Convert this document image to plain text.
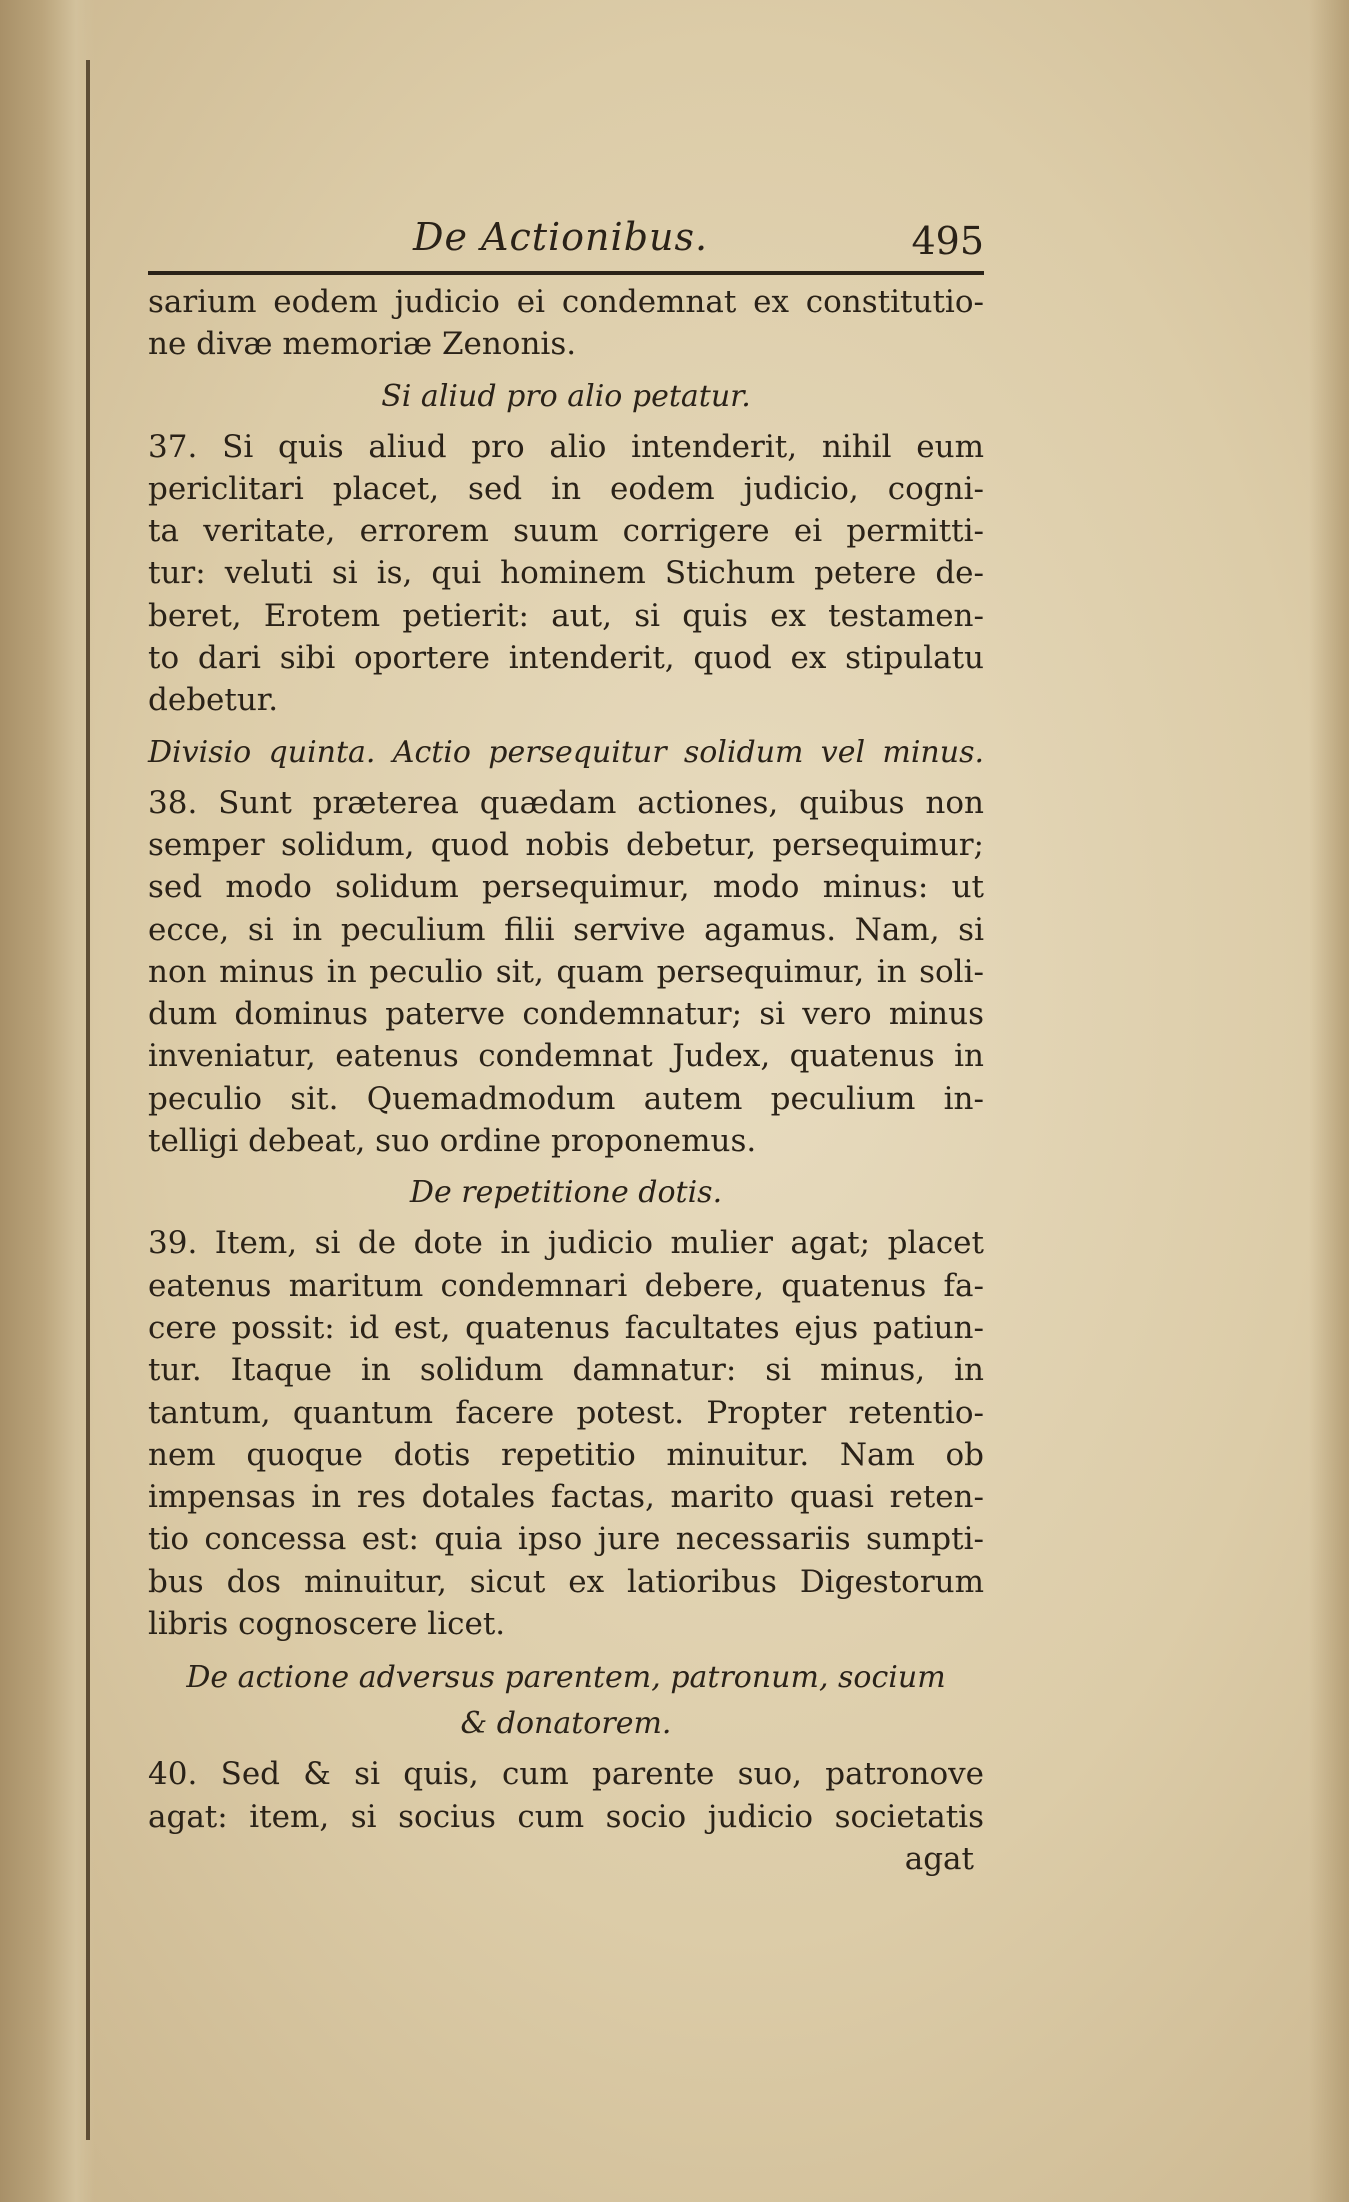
De Actionibus.	495
sarium eodem judicio ei condemnat ex constitutio-
ne divæ memoriæ Zenonis.
Si aliud pro alio petatur.
37. Si quis aliud pro alio intenderit, nihil eum
periclitari placet, sed in eodem judicio, cogni-
ta veritate, errorem suum corrigere ei permitti-
tur: veluti si is, qui hominem Stichum petere de-
beret, Erotem petierit: aut, si quis ex testamen-
to dari sibi oportere intenderit, quod ex stipulatu
debetur.
Divisio quinta. Actio persequitur solidum vel minus.
38. Sunt præterea quædam actiones, quibus non
semper solidum, quod nobis debetur, persequimur;
sed modo solidum persequimur, modo minus: ut
ecce, si in peculium filii servive agamus. Nam, si
non minus in peculio sit, quam persequimur, in soli-
dum dominus paterve condemnatur; si vero minus
inveniatur, eatenus condemnat Judex, quatenus in
peculio sit. Quemadmodum autem peculium in-
telligi debeat, suo ordine proponemus.
De repetitione dotis.
39. Item, si de dote in judicio mulier agat; placet
eatenus maritum condemnari debere, quatenus fa-
cere possit: id est, quatenus facultates ejus patiun-
tur. Itaque in solidum damnatur: si minus, in
tantum, quantum facere potest. Propter retentio-
nem quoque dotis repetitio minuitur. Nam ob
impensas in res dotales factas, marito quasi reten-
tio concessa est: quia ipso jure necessariis sumpti-
bus dos minuitur, sicut ex latioribus Digestorum
libris cognoscere licet.
De actione adversus parentem, patronum, socium
& donatorem.
40. Sed & si quis, cum parente suo, patronove
agat: item, si socius cum socio judicio societatis
agat
